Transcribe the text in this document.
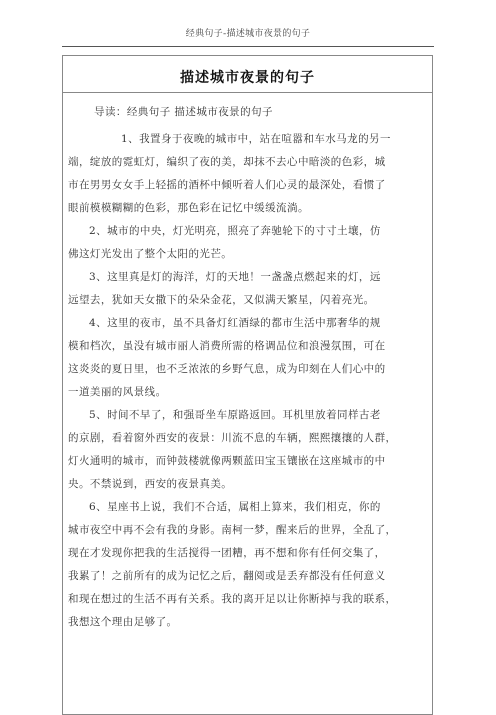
经典句子-描述城市夜景的句子
描述城市夜景的句子
导读：经典句子 描述城市夜景的句子
1、我置身于夜晚的城市中，站在喧嚣和车水马龙的另一
端，绽放的霓虹灯，编织了夜的美，却抹不去心中暗淡的色彩，城
市在男男女女手上轻摇的酒杯中倾听着人们心灵的最深处，看惯了
眼前模模糊糊的色彩，那色彩在记忆中缓缓流淌。
2、城市的中央，灯光明亮，照亮了奔驰轮下的寸寸土壤，仿
佛这灯光发出了整个太阳的光芒。
3、这里真是灯的海洋，灯的天地！一盏盏点燃起来的灯，远
远望去，犹如天女撒下的朵朵金花，又似满天繁星，闪着亮光。
4、这里的夜市，虽不具备灯红酒绿的都市生活中那奢华的规
模和档次，虽没有城市丽人消费所需的格调品位和浪漫氛围，可在
这炎炎的夏日里，也不乏浓浓的乡野气息，成为印刻在人们心中的
一道美丽的风景线。
5、时间不早了，和强哥坐车原路返回。耳机里放着同样古老
的京剧，看着窗外西安的夜景：川流不息的车辆，熙熙攘攘的人群，
灯火通明的城市，而钟鼓楼就像两颗蓝田宝玉镶嵌在这座城市的中
央。不禁说到，西安的夜景真美。
6、星座书上说，我们不合适，属相上算来，我们相克，你的
城市夜空中再不会有我的身影。南柯一梦，醒来后的世界，全乱了，
现在才发现你把我的生活搅得一团糟，再不想和你有任何交集了，
我累了！之前所有的成为记忆之后，翻阅或是丢弃都没有任何意义
和现在想过的生活不再有关系。我的离开足以让你断掉与我的联系，
我想这个理由足够了。
